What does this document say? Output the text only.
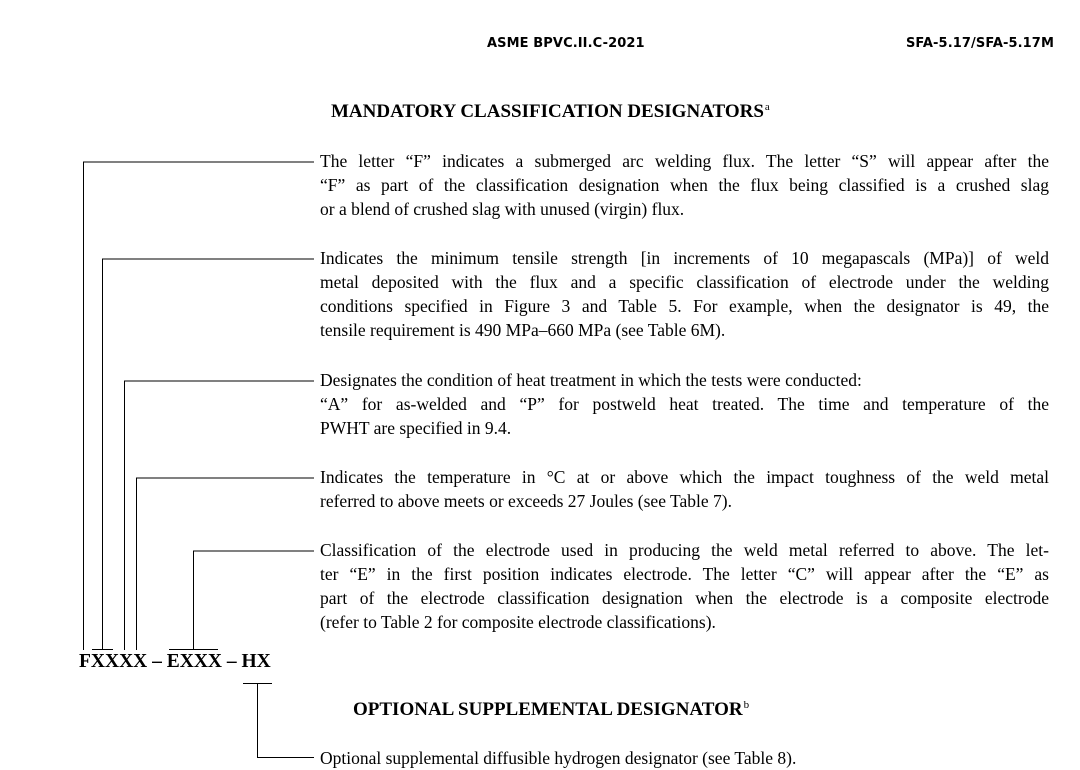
ASME BPVC.II.C-2021	SFA-5.17/SFA-5.17M
MANDATORY CLASSIFICATION DESIGNATORS$^a$
The letter “F” indicates a submerged arc welding flux. The letter “S” will appear after the
“F” as part of the classification designation when the flux being classified is a crushed slag
or a blend of crushed slag with unused (virgin) flux.
Indicates the minimum tensile strength [in increments of 10 megapascals (MPa)] of weld
metal deposited with the flux and a specific classification of electrode under the welding
conditions specified in Figure 3 and Table 5. For example, when the designator is 49, the
tensile requirement is 490 MPa–660 MPa (see Table 6M).
Designates the condition of heat treatment in which the tests were conducted:
“A” for as-welded and “P” for postweld heat treated. The time and temperature of the
PWHT are specified in 9.4.
Indicates the temperature in °C at or above which the impact toughness of the weld metal
referred to above meets or exceeds 27 Joules (see Table 7).
Classification of the electrode used in producing the weld metal referred to above. The let-
ter “E” in the first position indicates electrode. The letter “C” will appear after the “E” as
part of the electrode classification designation when the electrode is a composite electrode
(refer to Table 2 for composite electrode classifications).
FXXXX – EXXX – HX
OPTIONAL SUPPLEMENTAL DESIGNATOR$^b$
Optional supplemental diffusible hydrogen designator (see Table 8).
